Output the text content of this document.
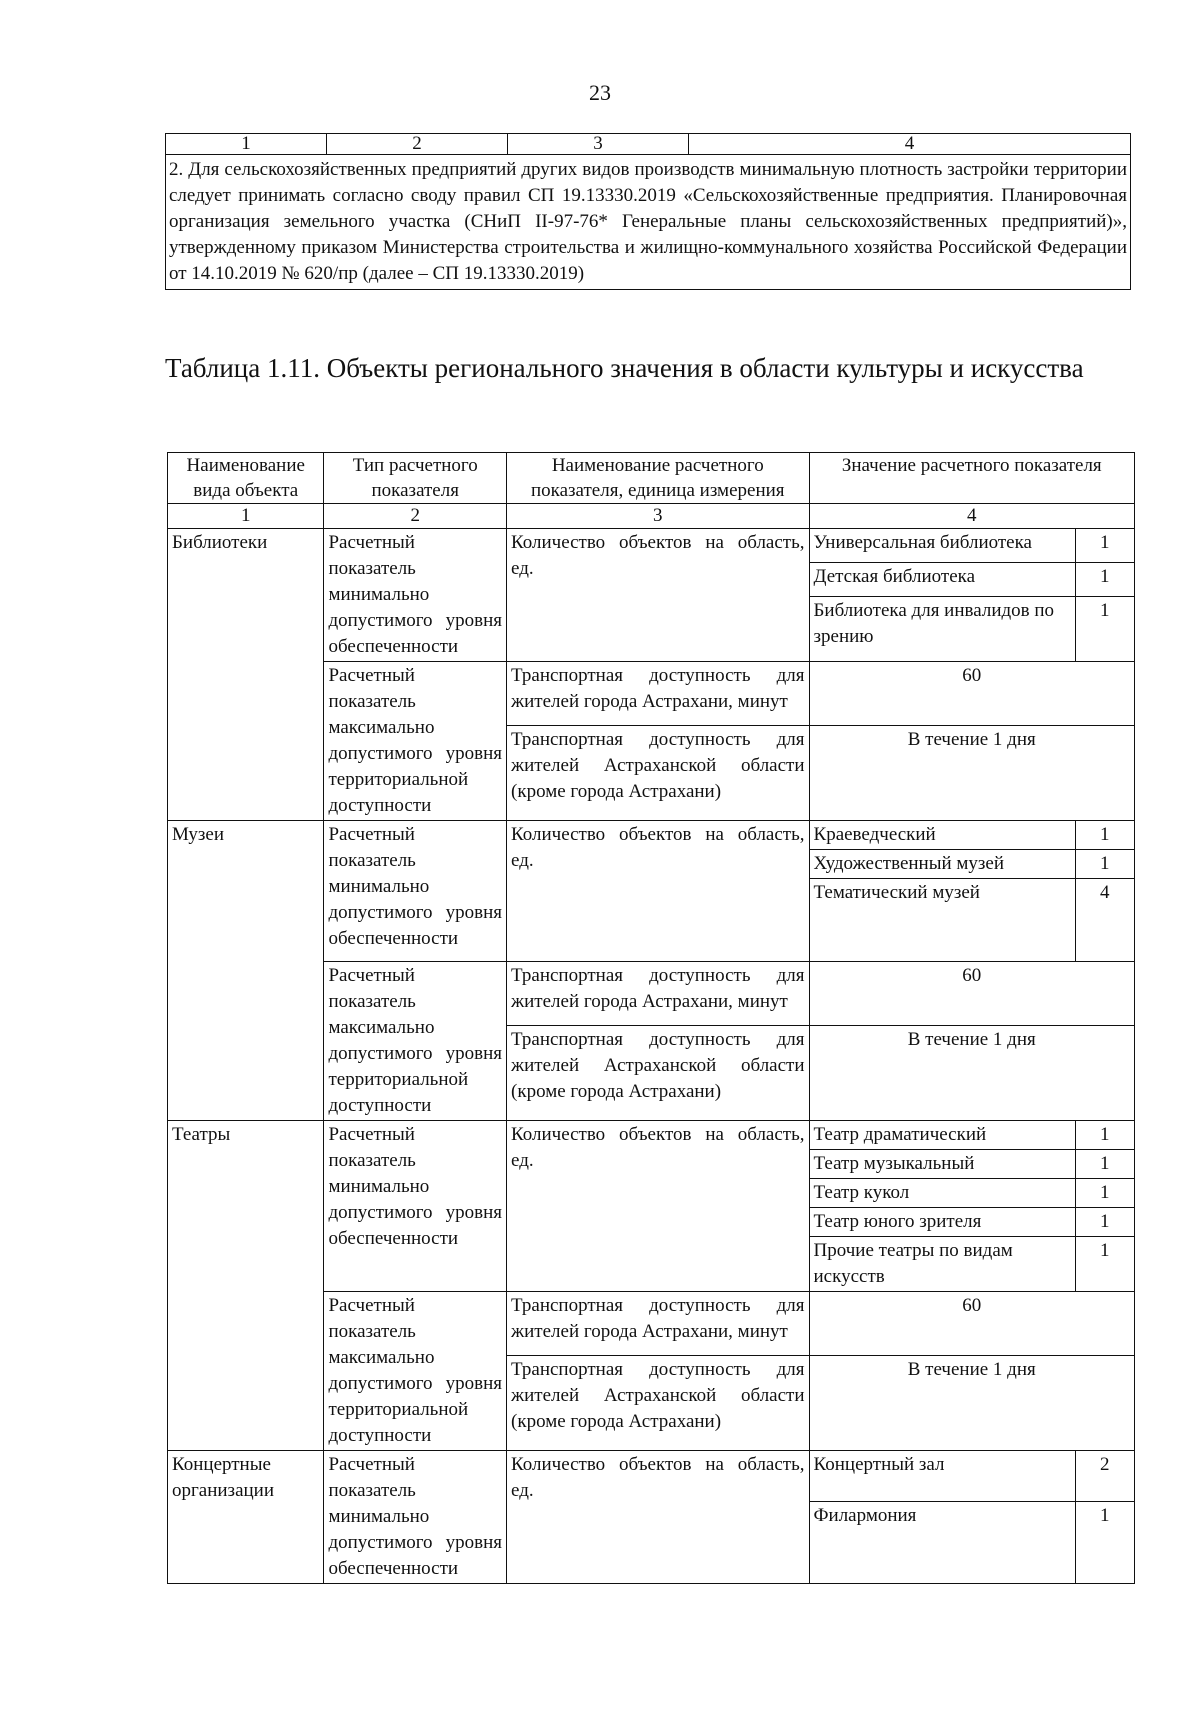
23
1	2	3	4
2. Для сельскохозяйственных предприятий других видов производств минимальную плотность застройки территории следует принимать согласно своду правил СП 19.13330.2019 «Сельскохозяйственные предприятия. Планировочная организация земельного участка (СНиП II-97-76* Генеральные планы сельскохозяйственных предприятий)», утвержденному приказом Министерства строительства и жилищно-коммунального хозяйства Российской Федерации от 14.10.2019 № 620/пр (далее – СП 19.13330.2019)
Таблица 1.11. Объекты регионального значения в области культуры и искусства
Наименование вида объекта	Тип расчетного показателя	Наименование расчетного показателя, единица измерения	Значение расчетного показателя	
1	2	3	4	
Библиотеки	Расчетный показатель минимально допустимого уровня обеспеченности	Количество объектов на область, ед.	Универсальная библиотека	1
			Детская библиотека	1
			Библиотека для инвалидов по зрению	1
	Расчетный показатель максимально допустимого уровня территориальной доступности	Транспортная доступность для жителей города Астрахани, минут	60	
		Транспортная доступность для жителей Астраханской области (кроме города Астрахани)	В течение 1 дня	
Музеи	Расчетный показатель минимально допустимого уровня обеспеченности	Количество объектов на область, ед.	Краеведческий	1
			Художественный музей	1
			Тематический музей	4
	Расчетный показатель максимально допустимого уровня территориальной доступности	Транспортная доступность для жителей города Астрахани, минут	60	
		Транспортная доступность для жителей Астраханской области (кроме города Астрахани)	В течение 1 дня	
Театры	Расчетный показатель минимально допустимого уровня обеспеченности	Количество объектов на область, ед.	Театр драматический	1
			Театр музыкальный	1
			Театр кукол	1
			Театр юного зрителя	1
			Прочие театры по видам искусств	1
	Расчетный показатель максимально допустимого уровня территориальной доступности	Транспортная доступность для жителей города Астрахани, минут	60	
		Транспортная доступность для жителей Астраханской области (кроме города Астрахани)	В течение 1 дня	
Концертные организации	Расчетный показатель минимально допустимого уровня обеспеченности	Количество объектов на область, ед.	Концертный зал	2
			Филармония	1
